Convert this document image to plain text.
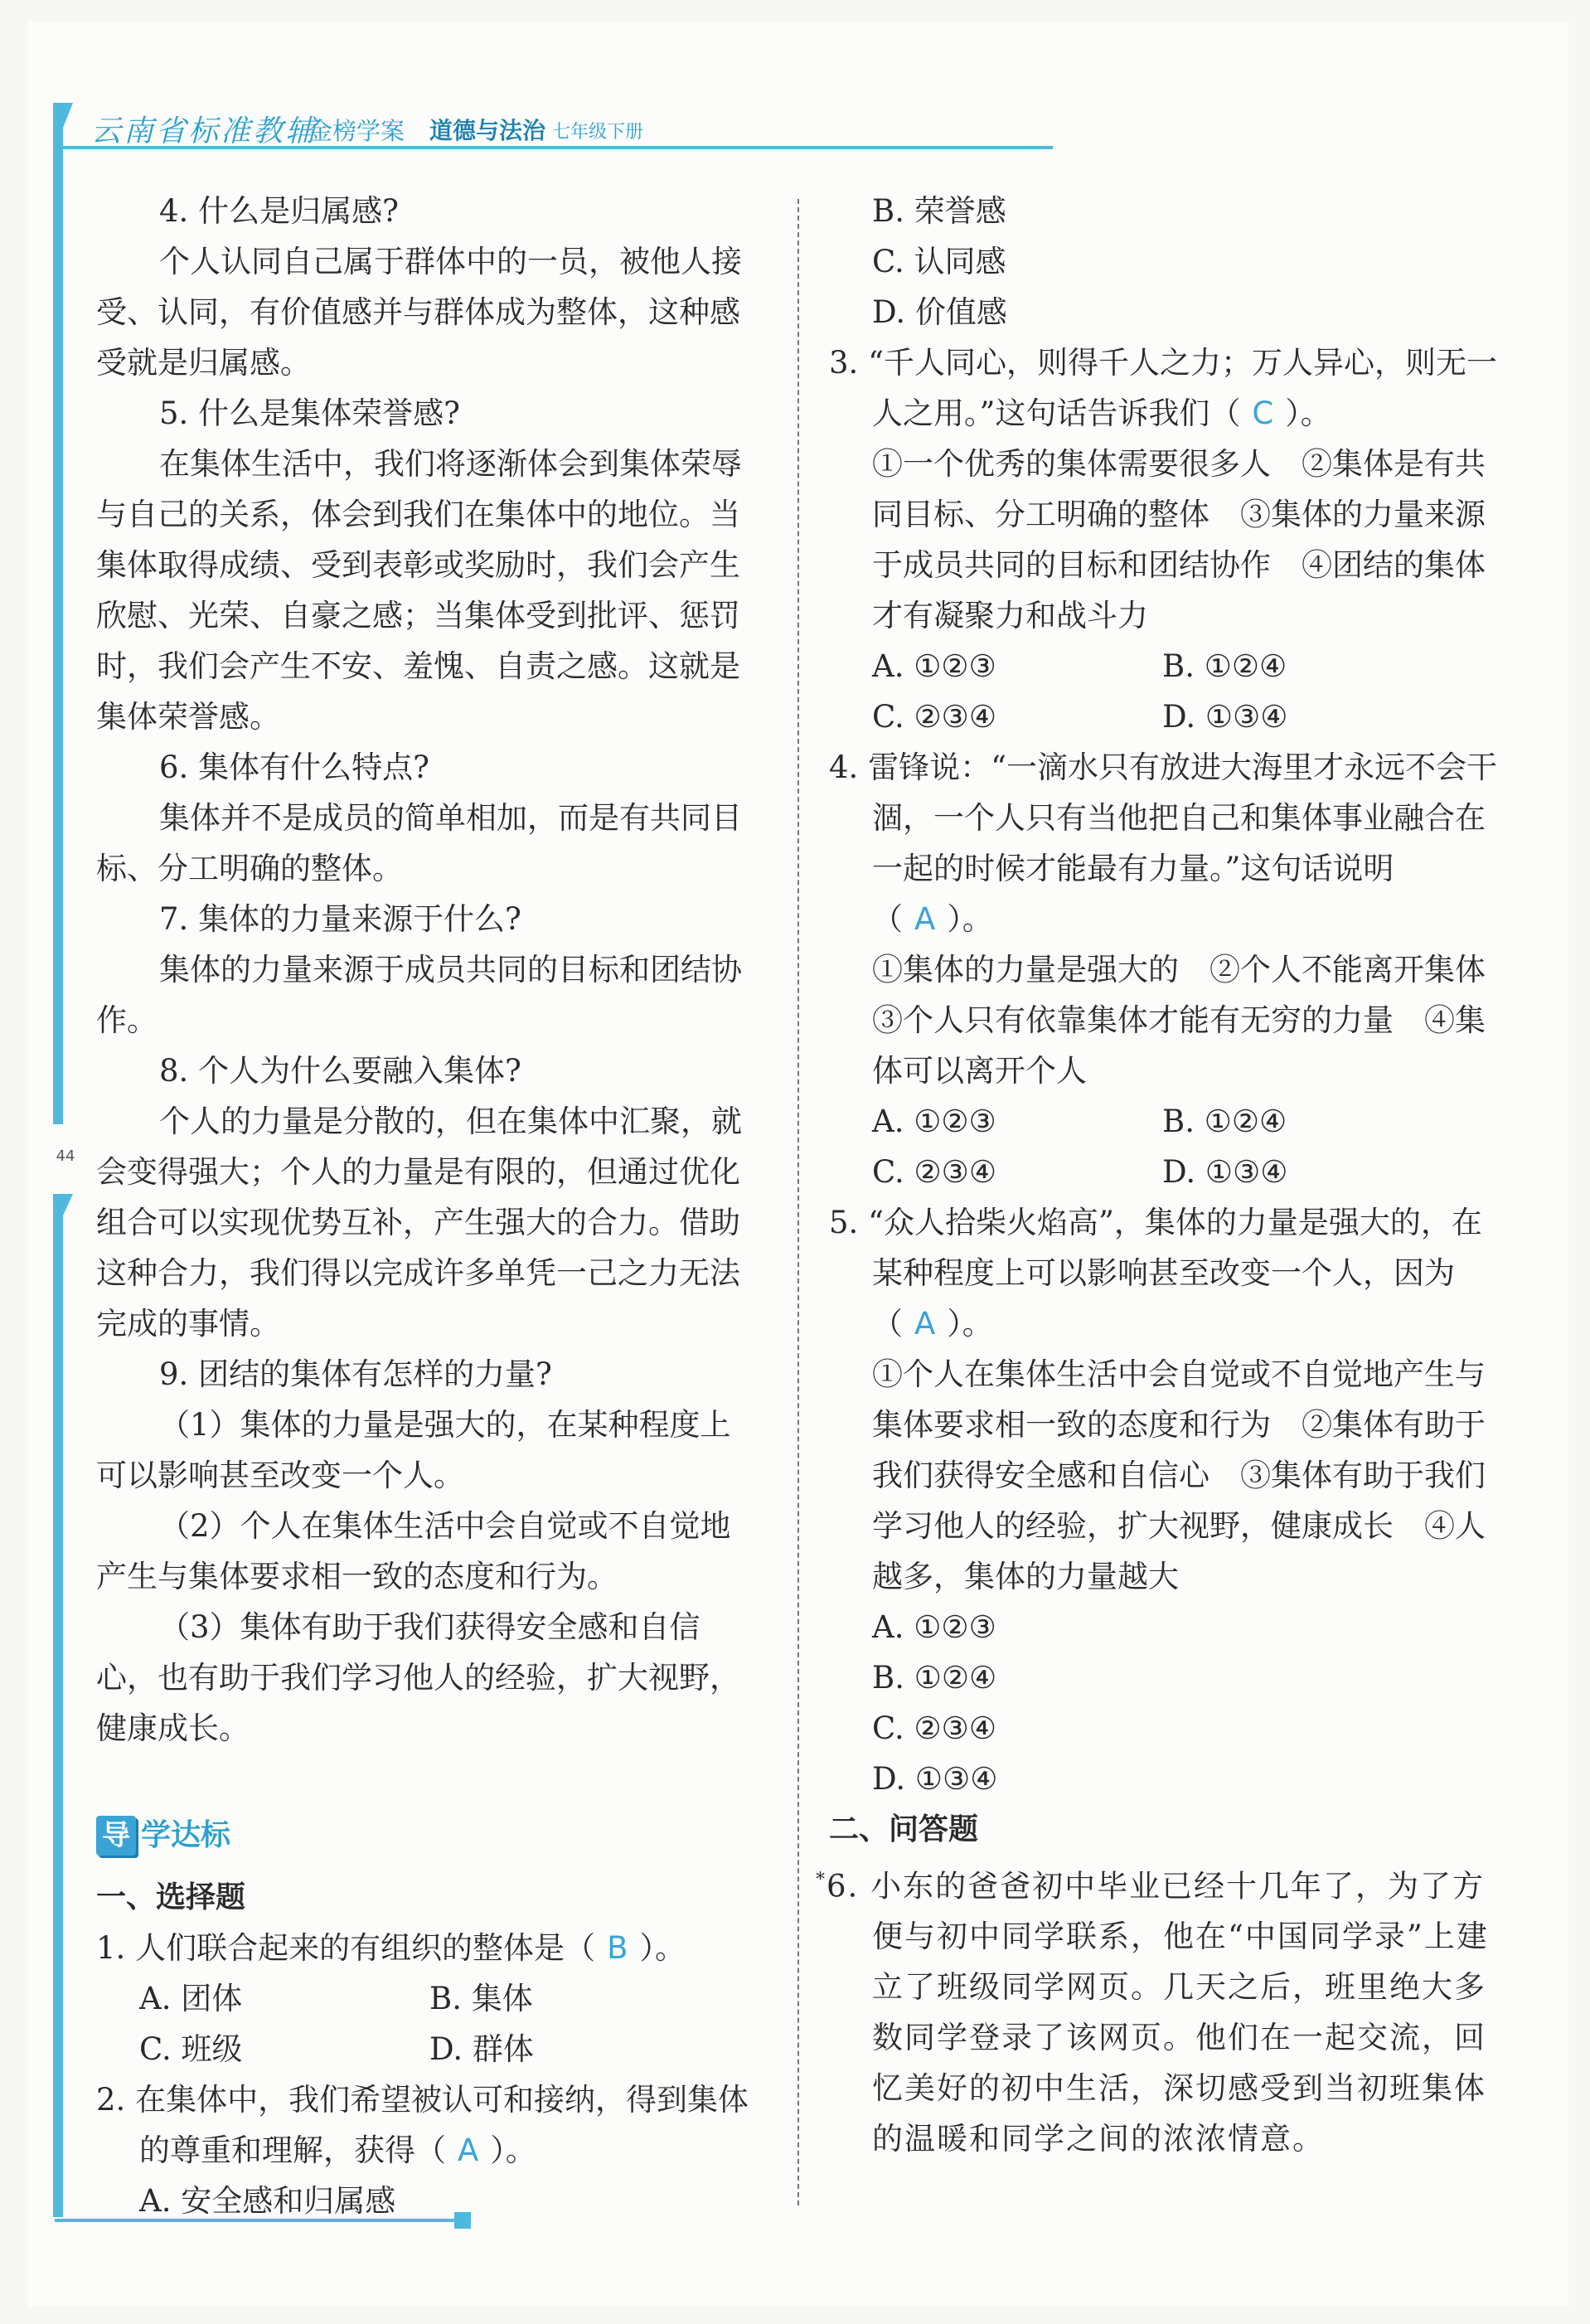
云南省标准教辅
金榜学案 道德与法治 七年级下册
44

4. 什么是归属感?

个人认同自己属于群体中的一员，被他人接受、认同，有价值感并与群体成为整体，这种感受就是归属感。

5. 什么是集体荣誉感?

在集体生活中，我们将逐渐体会到集体荣辱与自己的关系，体会到我们在集体中的地位。当集体取得成绩、受到表彰或奖励时，我们会产生欣慰、光荣、自豪之感；当集体受到批评、惩罚时，我们会产生不安、羞愧、自责之感。这就是集体荣誉感。

6. 集体有什么特点?

集体并不是成员的简单相加，而是有共同目标、分工明确的整体。

7. 集体的力量来源于什么?

集体的力量来源于成员共同的目标和团结协作。

8. 个人为什么要融入集体?

个人的力量是分散的，但在集体中汇聚，就会变得强大；个人的力量是有限的，但通过优化组合可以实现优势互补，产生强大的合力。借助这种合力，我们得以完成许多单凭一己之力无法完成的事情。

9. 团结的集体有怎样的力量?

（1）集体的力量是强大的，在某种程度上可以影响甚至改变一个人。

（2）个人在集体生活中会自觉或不自觉地产生与集体要求相一致的态度和行为。

（3）集体有助于我们获得安全感和自信心，也有助于我们学习他人的经验，扩大视野，健康成长。

导 学达标

一、选择题

1. 人们联合起来的有组织的整体是（ B ）。

A. 团体	B. 集体
C. 班级	D. 群体

2. 在集体中，我们希望被认可和接纳，得到集体的尊重和理解，获得（ A ）。

A. 安全感和归属感

B. 荣誉感

C. 认同感

D. 价值感

3. “千人同心，则得千人之力；万人异心，则无一人之用。”这句话告诉我们（ C ）。

①一个优秀的集体需要很多人　②集体是有共同目标、分工明确的整体　③集体的力量来源于成员共同的目标和团结协作　④团结的集体才有凝聚力和战斗力

A. ①②③	B. ①②④
C. ②③④	D. ①③④

4. 雷锋说：“一滴水只有放进大海里才永远不会干涸，一个人只有当他把自己和集体事业融合在一起的时候才能最有力量。”这句话说明（ A ）。

①集体的力量是强大的　②个人不能离开集体　③个人只有依靠集体才能有无穷的力量　④集体可以离开个人

A. ①②③	B. ①②④
C. ②③④	D. ①③④

5. “众人拾柴火焰高”，集体的力量是强大的，在某种程度上可以影响甚至改变一个人，因为（ A ）。

①个人在集体生活中会自觉或不自觉地产生与集体要求相一致的态度和行为　②集体有助于我们获得安全感和自信心　③集体有助于我们学习他人的经验，扩大视野，健康成长　④人越多，集体的力量越大

A. ①②③

B. ①②④

C. ②③④

D. ①③④

二、问答题

*6. 小东的爸爸初中毕业已经十几年了，为了方便与初中同学联系，他在“中国同学录”上建立了班级同学网页。几天之后，班里绝大多数同学登录了该网页。他们在一起交流，回忆美好的初中生活，深切感受到当初班集体的温暖和同学之间的浓浓情意。
